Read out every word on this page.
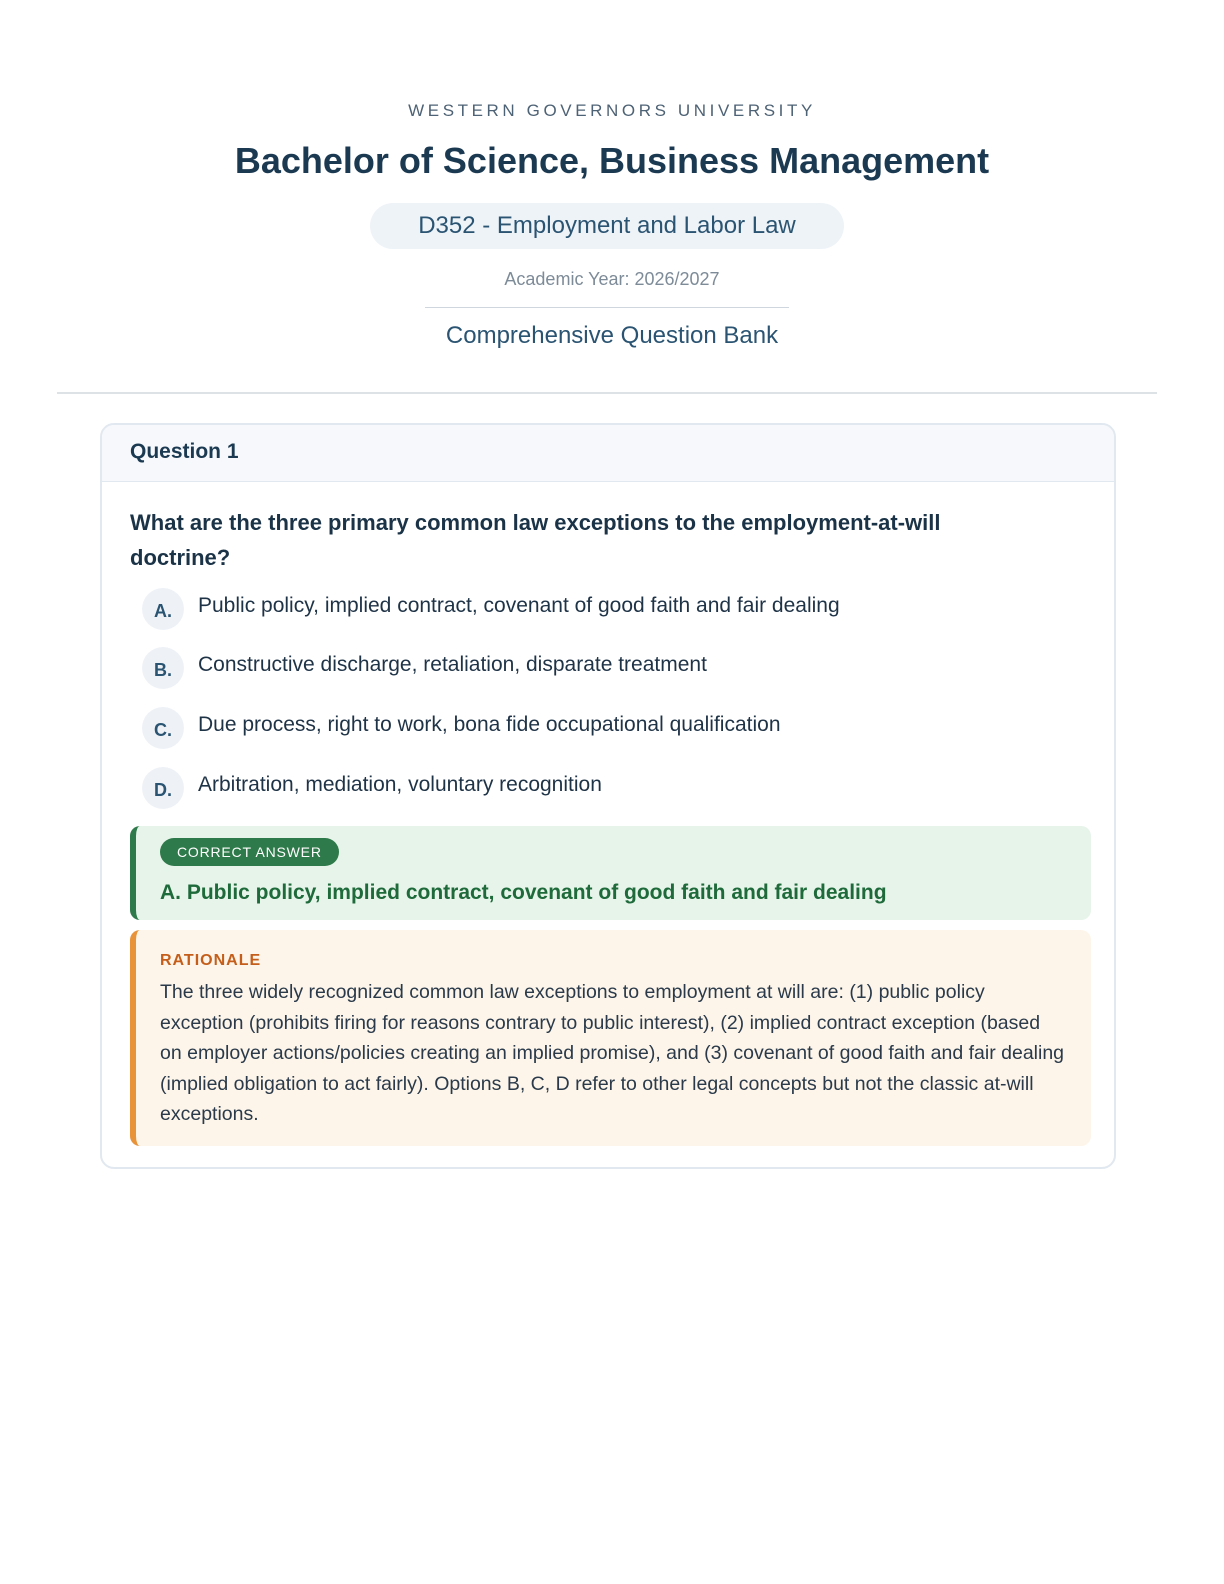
WESTERN GOVERNORS UNIVERSITY
Bachelor of Science, Business Management
D352 - Employment and Labor Law
Academic Year: 2026/2027
Comprehensive Question Bank
Question 1
What are the three primary common law exceptions to the employment-at-will doctrine?
A.	Public policy, implied contract, covenant of good faith and fair dealing
B.	Constructive discharge, retaliation, disparate treatment
C.	Due process, right to work, bona fide occupational qualification
D.	Arbitration, mediation, voluntary recognition
CORRECT ANSWER
A. Public policy, implied contract, covenant of good faith and fair dealing
RATIONALE
The three widely recognized common law exceptions to employment at will are: (1) public policy exception (prohibits firing for reasons contrary to public interest), (2) implied contract exception (based on employer actions/policies creating an implied promise), and (3) covenant of good faith and fair dealing (implied obligation to act fairly). Options B, C, D refer to other legal concepts but not the classic at-will exceptions.
